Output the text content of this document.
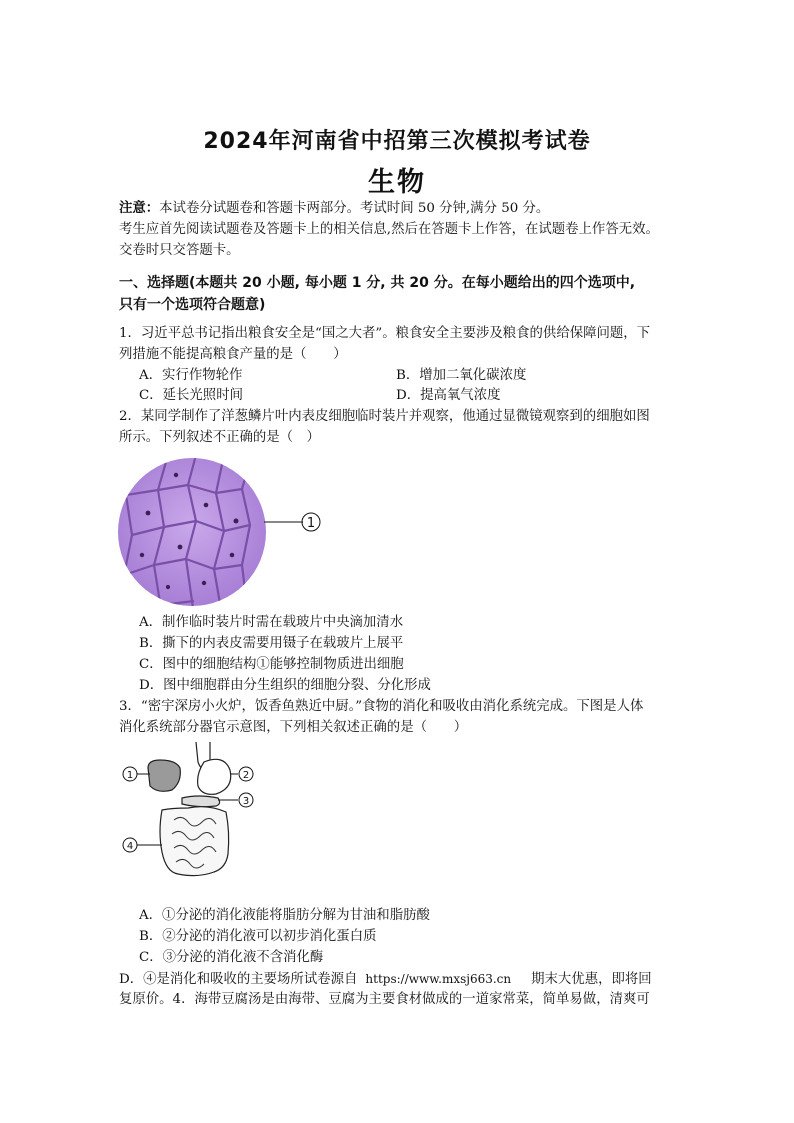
2024年河南省中招第三次模拟考试卷
生物
注意：本试卷分试题卷和答题卡两部分。考试时间 50 分钟,满分 50 分。
考生应首先阅读试题卷及答题卡上的相关信息,然后在答题卡上作答，在试题卷上作答无效。
交卷时只交答题卡。
一、选择题(本题共 20 小题, 每小题 1 分, 共 20 分。在每小题给出的四个选项中,
只有一个选项符合题意)
1．习近平总书记指出粮食安全是“国之大者”。粮食安全主要涉及粮食的供给保障问题，下
列措施不能提高粮食产量的是（　　）
A．实行作物轮作	B．增加二氧化碳浓度
C．延长光照时间	D．提高氧气浓度
2．某同学制作了洋葱鳞片叶内表皮细胞临时装片并观察，他通过显微镜观察到的细胞如图
所示。下列叙述不正确的是（　）
1
A．制作临时装片时需在载玻片中央滴加清水
B．撕下的内表皮需要用镊子在载玻片上展平
C．图中的细胞结构①能够控制物质进出细胞
D．图中细胞群由分生组织的细胞分裂、分化形成
3．“密宇深房小火炉，饭香鱼熟近中厨。”食物的消化和吸收由消化系统完成。下图是人体
消化系统部分器官示意图，下列相关叙述正确的是（　　）
1	2
3
4
A．①分泌的消化液能将脂肪分解为甘油和脂肪酸
B．②分泌的消化液可以初步消化蛋白质
C．③分泌的消化液不含消化酶
D．④是消化和吸收的主要场所试卷源自 https://www.mxsj663.cn 期末大优惠，即将回
复原价。4．海带豆腐汤是由海带、豆腐为主要食材做成的一道家常菜，简单易做，清爽可
